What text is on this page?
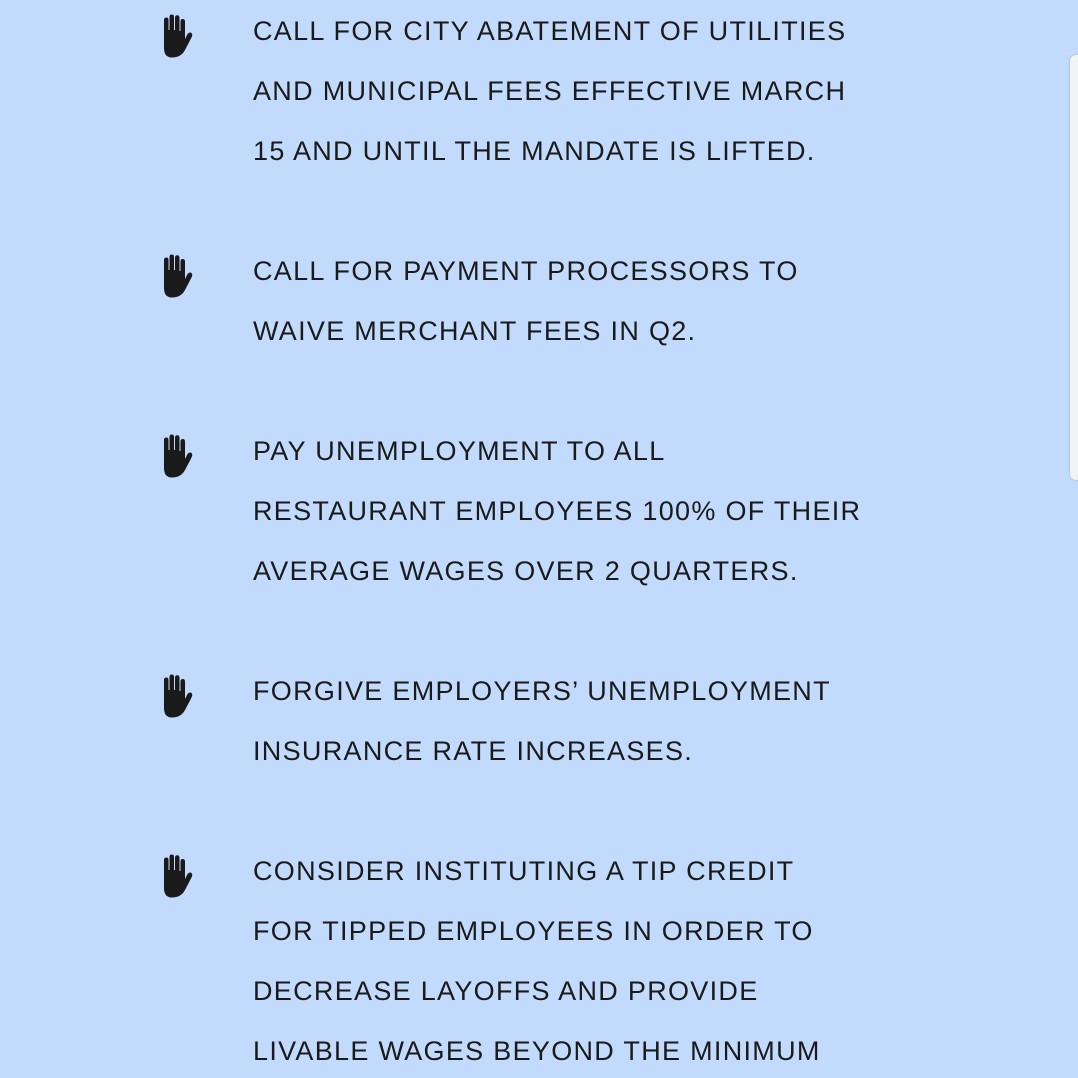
CALL FOR CITY ABATEMENT OF UTILITIES
AND MUNICIPAL FEES EFFECTIVE MARCH
15 AND UNTIL THE MANDATE IS LIFTED.
CALL FOR PAYMENT PROCESSORS TO
WAIVE MERCHANT FEES IN Q2.
PAY UNEMPLOYMENT TO ALL
RESTAURANT EMPLOYEES 100% OF THEIR
AVERAGE WAGES OVER 2 QUARTERS.
FORGIVE EMPLOYERS’ UNEMPLOYMENT
INSURANCE RATE INCREASES.
CONSIDER INSTITUTING A TIP CREDIT
FOR TIPPED EMPLOYEES IN ORDER TO
DECREASE LAYOFFS AND PROVIDE
LIVABLE WAGES BEYOND THE MINIMUM
